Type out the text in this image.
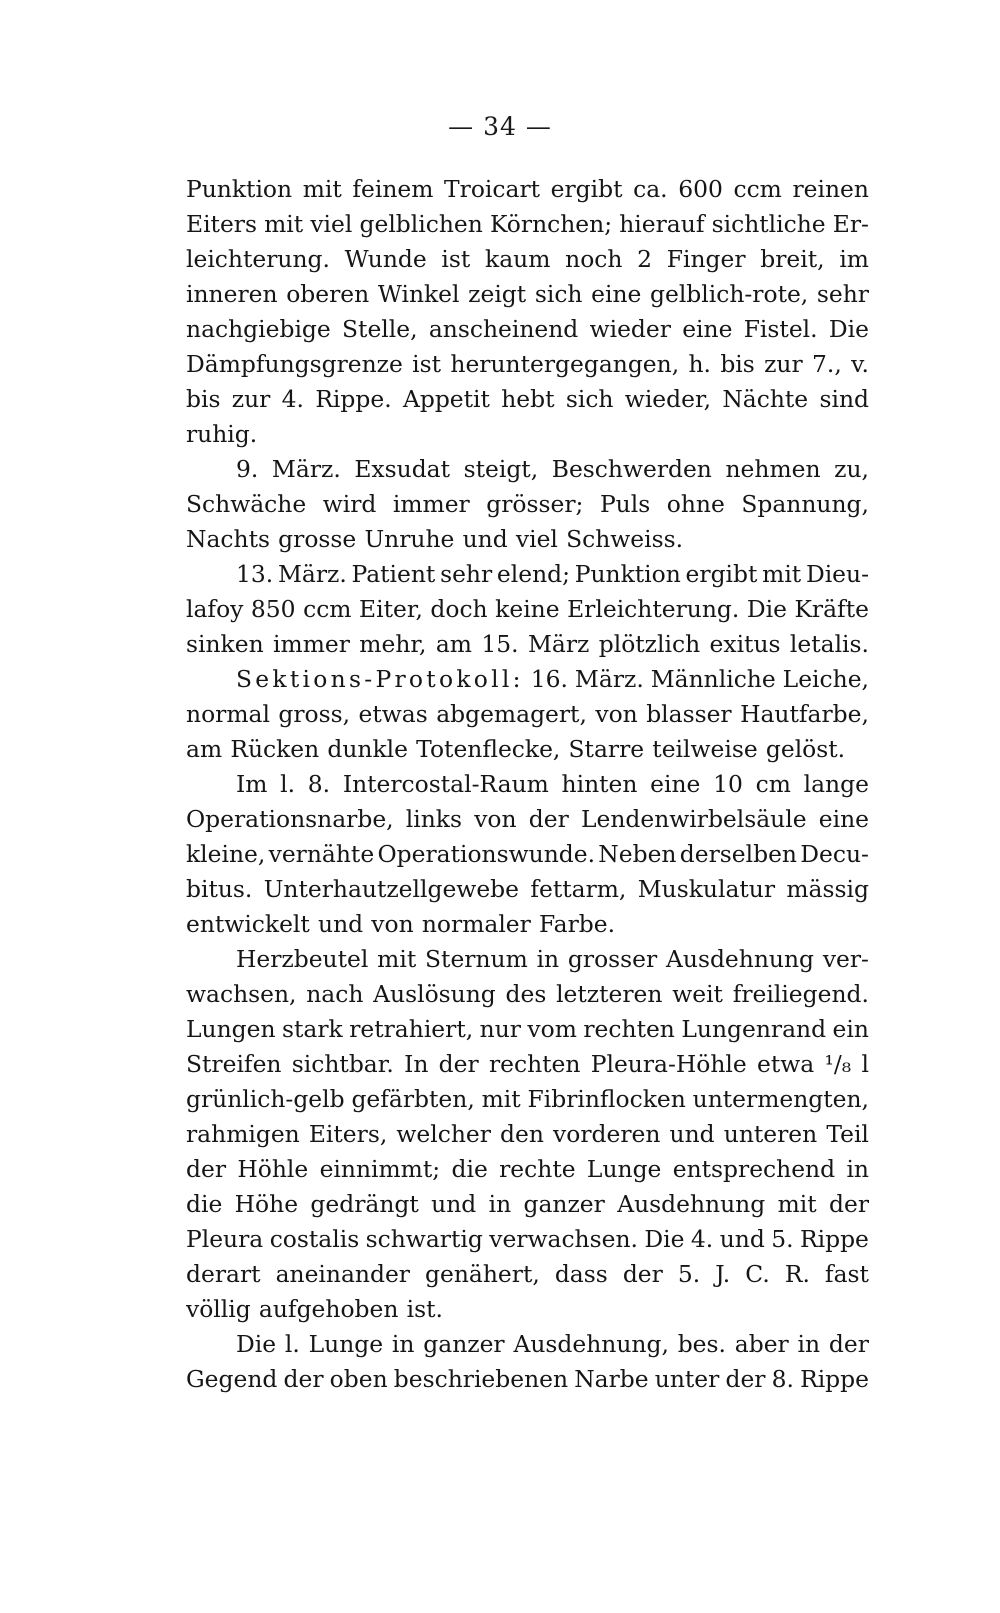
— 34 —
Punktion mit feinem Troicart ergibt ca. 600 ccm reinen
Eiters mit viel gelblichen Körnchen; hierauf sichtliche Er-
leichterung. Wunde ist kaum noch 2 Finger breit, im
inneren oberen Winkel zeigt sich eine gelblich-rote, sehr
nachgiebige Stelle, anscheinend wieder eine Fistel. Die
Dämpfungsgrenze ist heruntergegangen, h. bis zur 7., v.
bis zur 4. Rippe. Appetit hebt sich wieder, Nächte sind
ruhig.
9. März. Exsudat steigt, Beschwerden nehmen zu,
Schwäche wird immer grösser; Puls ohne Spannung,
Nachts grosse Unruhe und viel Schweiss.
13. März. Patient sehr elend; Punktion ergibt mit Dieu-
lafoy 850 ccm Eiter, doch keine Erleichterung. Die Kräfte
sinken immer mehr, am 15. März plötzlich exitus letalis.
Sektions-Protokoll: 16. März. Männliche Leiche,
normal gross, etwas abgemagert, von blasser Hautfarbe,
am Rücken dunkle Totenflecke, Starre teilweise gelöst.
Im l. 8. Intercostal-Raum hinten eine 10 cm lange
Operationsnarbe, links von der Lendenwirbelsäule eine
kleine, vernähte Operationswunde. Neben derselben Decu-
bitus. Unterhautzellgewebe fettarm, Muskulatur mässig
entwickelt und von normaler Farbe.
Herzbeutel mit Sternum in grosser Ausdehnung ver-
wachsen, nach Auslösung des letzteren weit freiliegend.
Lungen stark retrahiert, nur vom rechten Lungenrand ein
Streifen sichtbar. In der rechten Pleura-Höhle etwa ¹/₈ l
grünlich-gelb gefärbten, mit Fibrinflocken untermengten,
rahmigen Eiters, welcher den vorderen und unteren Teil
der Höhle einnimmt; die rechte Lunge entsprechend in
die Höhe gedrängt und in ganzer Ausdehnung mit der
Pleura costalis schwartig verwachsen. Die 4. und 5. Rippe
derart aneinander genähert, dass der 5. J. C. R. fast
völlig aufgehoben ist.
Die l. Lunge in ganzer Ausdehnung, bes. aber in der
Gegend der oben beschriebenen Narbe unter der 8. Rippe
